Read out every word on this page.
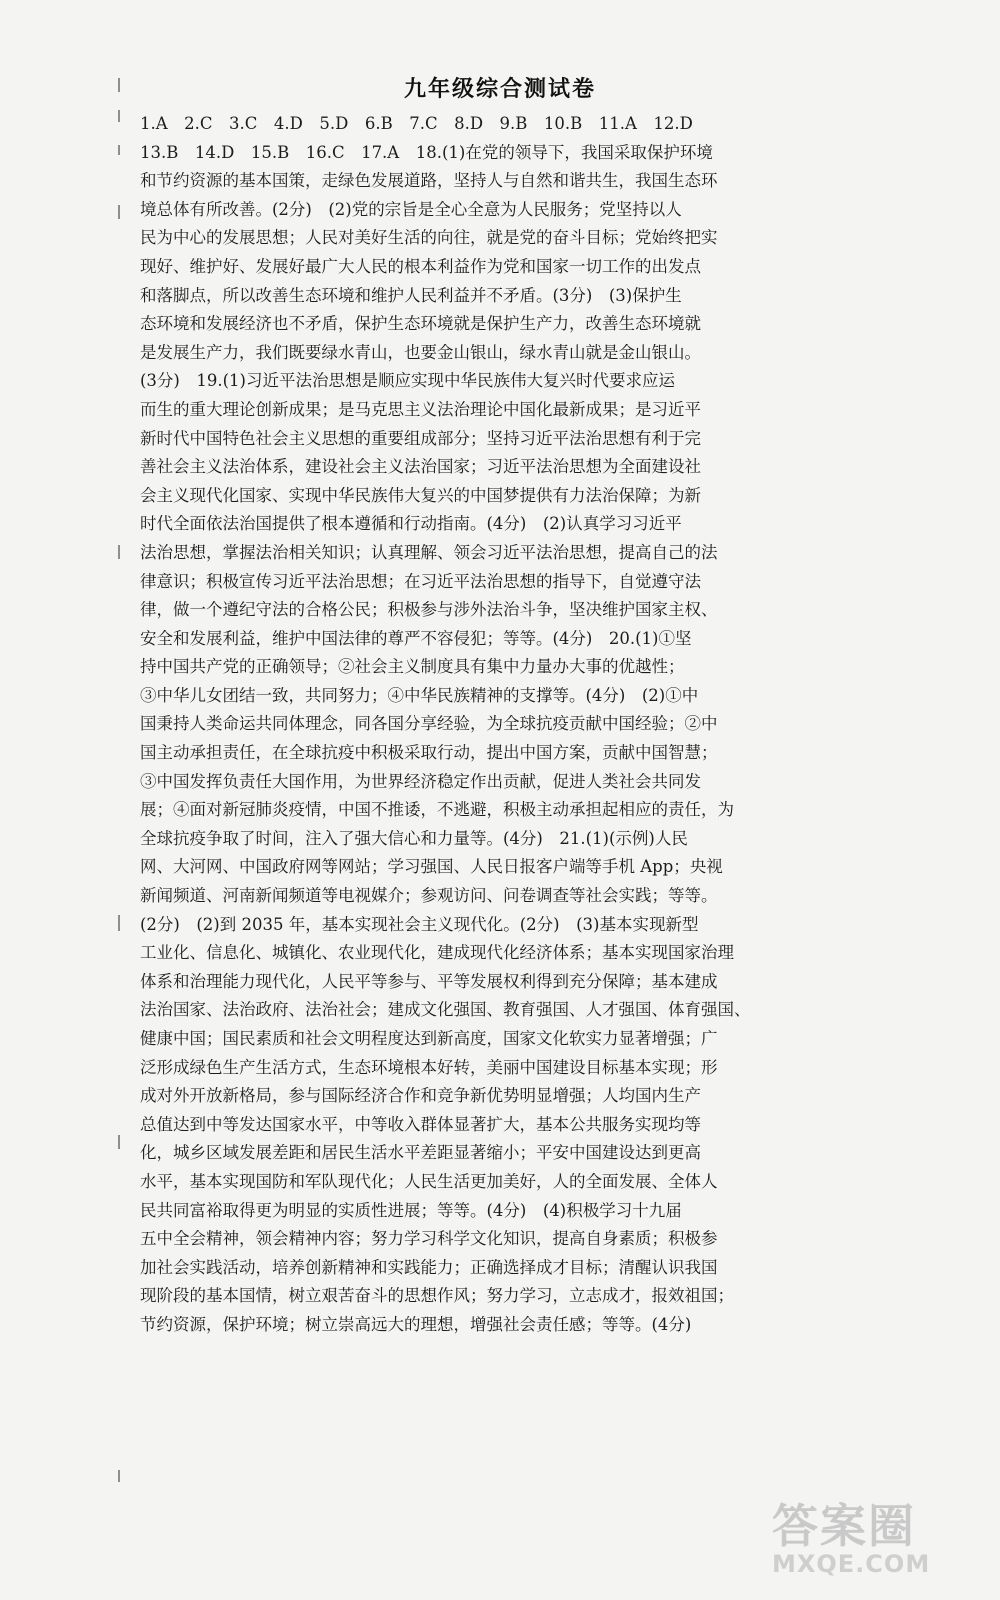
九年级综合测试卷
1.A　2.C　3.C　4.D　5.D　6.B　7.C　8.D　9.B　10.B　11.A　12.D
13.B　14.D　15.B　16.C　17.A　18.(1)在党的领导下，我国采取保护环境
和节约资源的基本国策，走绿色发展道路，坚持人与自然和谐共生，我国生态环
境总体有所改善。(2分)　(2)党的宗旨是全心全意为人民服务；党坚持以人
民为中心的发展思想；人民对美好生活的向往，就是党的奋斗目标；党始终把实
现好、维护好、发展好最广大人民的根本利益作为党和国家一切工作的出发点
和落脚点，所以改善生态环境和维护人民利益并不矛盾。(3分)　(3)保护生
态环境和发展经济也不矛盾，保护生态环境就是保护生产力，改善生态环境就
是发展生产力，我们既要绿水青山，也要金山银山，绿水青山就是金山银山。
(3分)　19.(1)习近平法治思想是顺应实现中华民族伟大复兴时代要求应运
而生的重大理论创新成果；是马克思主义法治理论中国化最新成果；是习近平
新时代中国特色社会主义思想的重要组成部分；坚持习近平法治思想有利于完
善社会主义法治体系，建设社会主义法治国家；习近平法治思想为全面建设社
会主义现代化国家、实现中华民族伟大复兴的中国梦提供有力法治保障；为新
时代全面依法治国提供了根本遵循和行动指南。(4分)　(2)认真学习习近平
法治思想，掌握法治相关知识；认真理解、领会习近平法治思想，提高自己的法
律意识；积极宣传习近平法治思想；在习近平法治思想的指导下，自觉遵守法
律，做一个遵纪守法的合格公民；积极参与涉外法治斗争，坚决维护国家主权、
安全和发展利益，维护中国法律的尊严不容侵犯；等等。(4分)　20.(1)①坚
持中国共产党的正确领导；②社会主义制度具有集中力量办大事的优越性；
③中华儿女团结一致，共同努力；④中华民族精神的支撑等。(4分)　(2)①中
国秉持人类命运共同体理念，同各国分享经验，为全球抗疫贡献中国经验；②中
国主动承担责任，在全球抗疫中积极采取行动，提出中国方案，贡献中国智慧；
③中国发挥负责任大国作用，为世界经济稳定作出贡献，促进人类社会共同发
展；④面对新冠肺炎疫情，中国不推诿，不逃避，积极主动承担起相应的责任，为
全球抗疫争取了时间，注入了强大信心和力量等。(4分)　21.(1)(示例)人民
网、大河网、中国政府网等网站；学习强国、人民日报客户端等手机 App；央视
新闻频道、河南新闻频道等电视媒介；参观访问、问卷调查等社会实践；等等。
(2分)　(2)到 2035 年，基本实现社会主义现代化。(2分)　(3)基本实现新型
工业化、信息化、城镇化、农业现代化，建成现代化经济体系；基本实现国家治理
体系和治理能力现代化，人民平等参与、平等发展权利得到充分保障；基本建成
法治国家、法治政府、法治社会；建成文化强国、教育强国、人才强国、体育强国、
健康中国；国民素质和社会文明程度达到新高度，国家文化软实力显著增强；广
泛形成绿色生产生活方式，生态环境根本好转，美丽中国建设目标基本实现；形
成对外开放新格局，参与国际经济合作和竞争新优势明显增强；人均国内生产
总值达到中等发达国家水平，中等收入群体显著扩大，基本公共服务实现均等
化，城乡区域发展差距和居民生活水平差距显著缩小；平安中国建设达到更高
水平，基本实现国防和军队现代化；人民生活更加美好，人的全面发展、全体人
民共同富裕取得更为明显的实质性进展；等等。(4分)　(4)积极学习十九届
五中全会精神，领会精神内容；努力学习科学文化知识，提高自身素质；积极参
加社会实践活动，培养创新精神和实践能力；正确选择成才目标；清醒认识我国
现阶段的基本国情，树立艰苦奋斗的思想作风；努力学习，立志成才，报效祖国；
节约资源，保护环境；树立崇高远大的理想，增强社会责任感；等等。(4分)
答案圈
MXQE.COM
